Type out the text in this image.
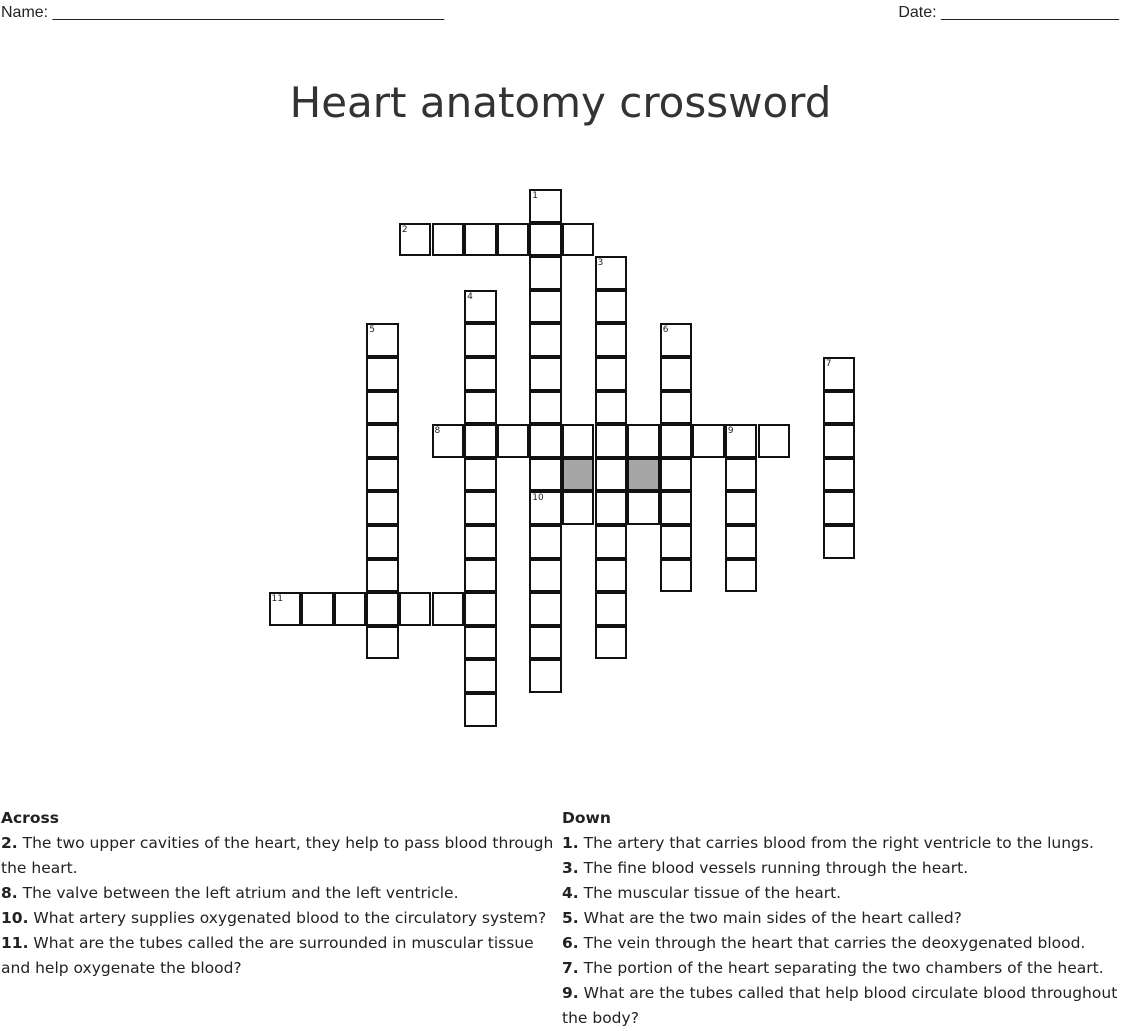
Name: ____________________________________________	Date: ____________________
Heart anatomy crossword
1
2
3
4
5	6
7
8	9
10
11
Across
2. The two upper cavities of the heart, they help to pass blood through the heart.
8. The valve between the left atrium and the left ventricle.
10. What artery supplies oxygenated blood to the circulatory system?
11. What are the tubes called the are surrounded in muscular tissue and help oxygenate the blood?
Down
1. The artery that carries blood from the right ventricle to the lungs.
3. The fine blood vessels running through the heart.
4. The muscular tissue of the heart.
5. What are the two main sides of the heart called?
6. The vein through the heart that carries the deoxygenated blood.
7. The portion of the heart separating the two chambers of the heart.
9. What are the tubes called that help blood circulate blood throughout the body?
